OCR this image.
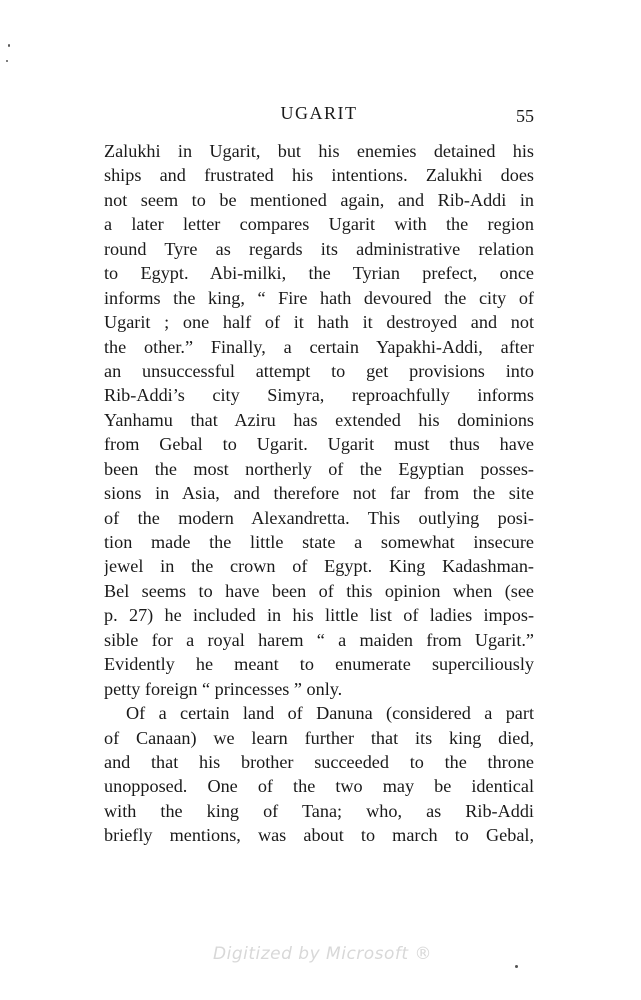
UGARIT	55
Zalukhi in Ugarit, but his enemies detained his
ships and frustrated his intentions. Zalukhi does
not seem to be mentioned again, and Rib-Addi in
a later letter compares Ugarit with the region
round Tyre as regards its administrative relation
to Egypt. Abi-milki, the Tyrian prefect, once
informs the king, “ Fire hath devoured the city of
Ugarit ; one half of it hath it destroyed and not
the other.” Finally, a certain Yapakhi-Addi, after
an unsuccessful attempt to get provisions into
Rib-Addi’s city Simyra, reproachfully informs
Yanhamu that Aziru has extended his dominions
from Gebal to Ugarit. Ugarit must thus have
been the most northerly of the Egyptian posses-
sions in Asia, and therefore not far from the site
of the modern Alexandretta. This outlying posi-
tion made the little state a somewhat insecure
jewel in the crown of Egypt. King Kadashman-
Bel seems to have been of this opinion when (see
p. 27) he included in his little list of ladies impos-
sible for a royal harem “ a maiden from Ugarit.”
Evidently he meant to enumerate superciliously
petty foreign “ princesses ” only.
Of a certain land of Danuna (considered a part
of Canaan) we learn further that its king died,
and that his brother succeeded to the throne
unopposed. One of the two may be identical
with the king of Tana; who, as Rib-Addi
briefly mentions, was about to march to Gebal,
Digitized by Microsoft ®
